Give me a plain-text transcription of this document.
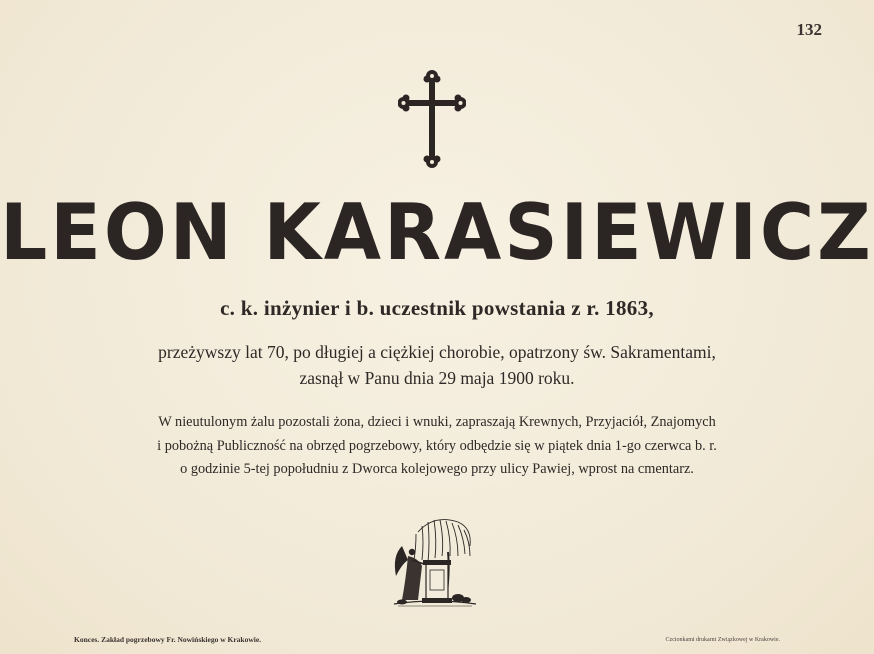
132
LEON KARASIEWICZ
c. k. inżynier i b. uczestnik powstania z r. 1863,
przeżywszy lat 70, po długiej a ciężkiej chorobie, opatrzony św. Sakramentami,
zasnął w Panu dnia 29 maja 1900 roku.
W nieutulonym żalu pozostali żona, dzieci i wnuki, zapraszają Krewnych, Przyjaciół, Znajomych
i pobożną Publiczność na obrzęd pogrzebowy, który odbędzie się w piątek dnia 1-go czerwca b. r.
o godzinie 5-tej popołudniu z Dworca kolejowego przy ulicy Pawiej, wprost na cmentarz.
Konces. Zakład pogrzebowy Fr. Nowińskiego w Krakowie.	Czcionkami drukarni Związkowej w Krakowie.
